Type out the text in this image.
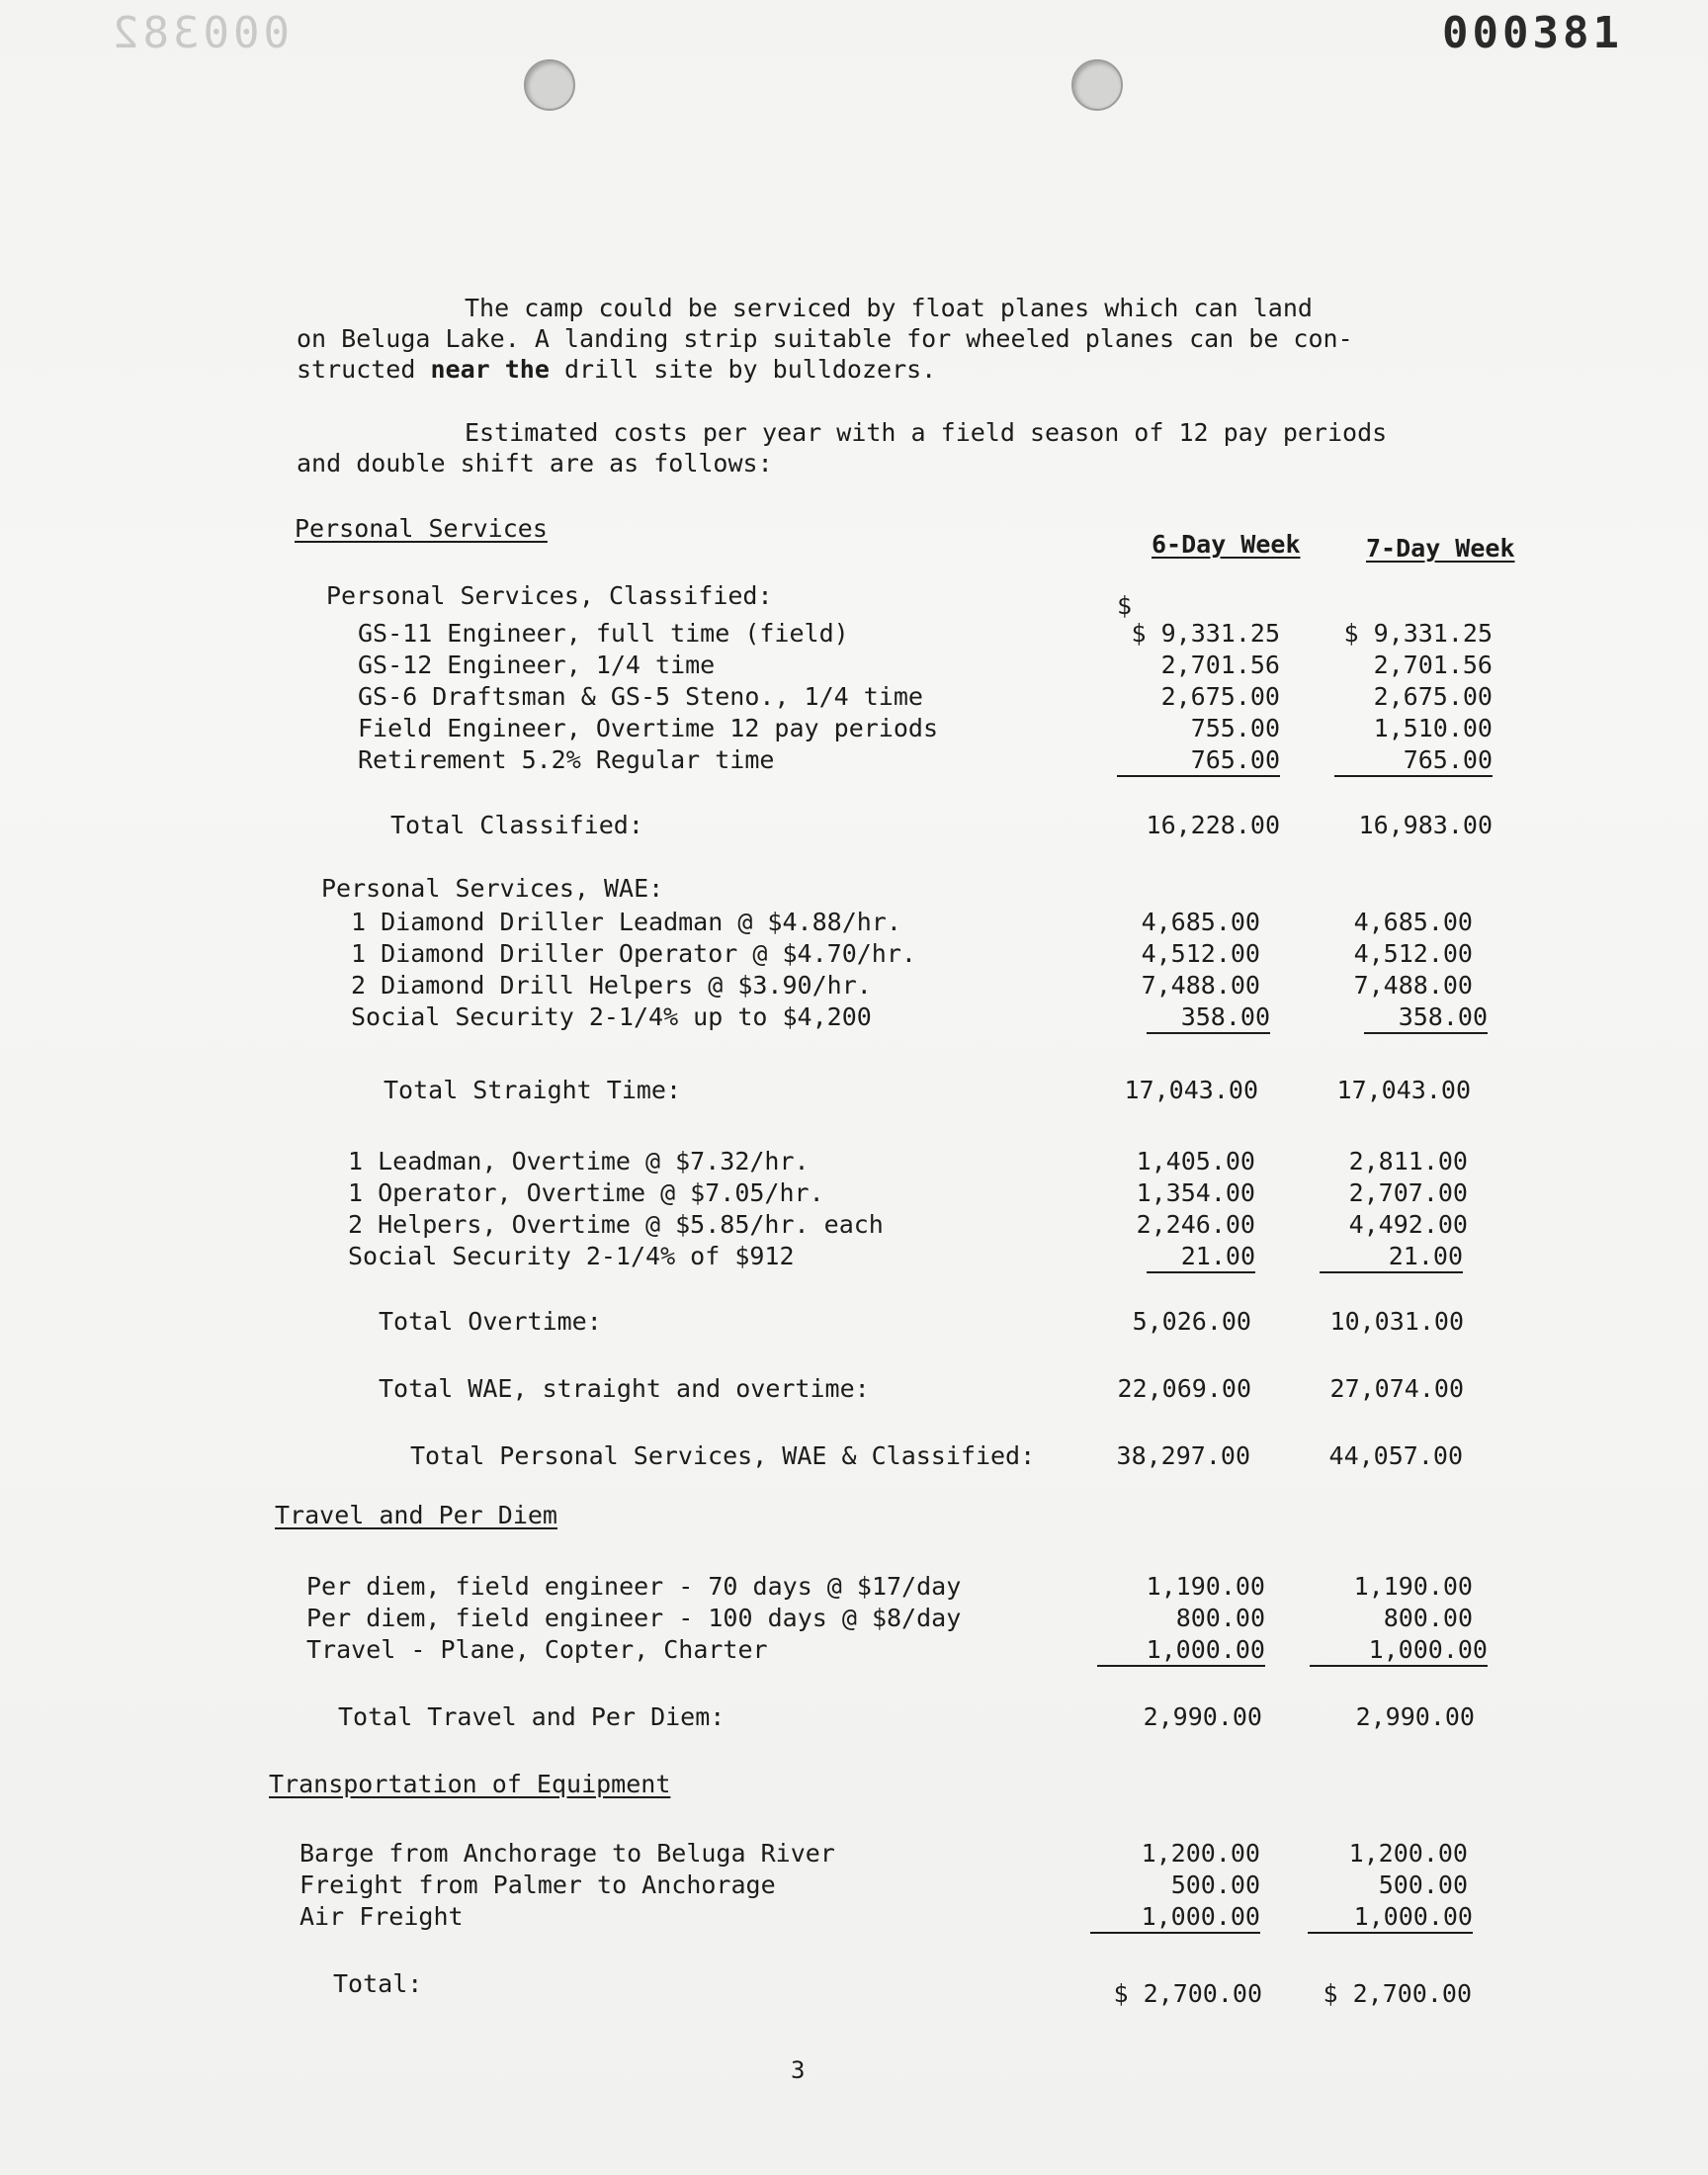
000382	000381
The camp could be serviced by float planes which can land
on Beluga Lake. A landing strip suitable for wheeled planes can be con-
structed near the drill site by bulldozers.
Estimated costs per year with a field season of 12 pay periods
and double shift are as follows:
Personal Services
6-Day Week	7-Day Week
Personal Services, Classified:	$
GS-11 Engineer, full time (field)	$ 9,331.25	$ 9,331.25
GS-12 Engineer, 1/4 time	2,701.56	2,701.56
GS-6 Draftsman & GS-5 Steno., 1/4 time	2,675.00	2,675.00
Field Engineer, Overtime 12 pay periods	755.00	1,510.00
Retirement 5.2% Regular time	765.00	765.00
Total Classified:	16,228.00	16,983.00
Personal Services, WAE:
1 Diamond Driller Leadman @ $4.88/hr.	4,685.00	4,685.00
1 Diamond Driller Operator @ $4.70/hr.	4,512.00	4,512.00
2 Diamond Drill Helpers @ $3.90/hr.	7,488.00	7,488.00
Social Security 2-1/4% up to $4,200	358.00	358.00
Total Straight Time:	17,043.00	17,043.00
1 Leadman, Overtime @ $7.32/hr.	1,405.00	2,811.00
1 Operator, Overtime @ $7.05/hr.	1,354.00	2,707.00
2 Helpers, Overtime @ $5.85/hr. each	2,246.00	4,492.00
Social Security 2-1/4% of $912	21.00	21.00
Total Overtime:	5,026.00	10,031.00
Total WAE, straight and overtime:	22,069.00	27,074.00
Total Personal Services, WAE & Classified:	38,297.00	44,057.00
Travel and Per Diem
Per diem, field engineer - 70 days @ $17/day	1,190.00	1,190.00
Per diem, field engineer - 100 days @ $8/day	800.00	800.00
Travel - Plane, Copter, Charter	1,000.00	1,000.00
Total Travel and Per Diem:	2,990.00	2,990.00
Transportation of Equipment
Barge from Anchorage to Beluga River	1,200.00	1,200.00
Freight from Palmer to Anchorage	500.00	500.00
Air Freight	1,000.00	1,000.00
Total:	$ 2,700.00	$ 2,700.00
3
